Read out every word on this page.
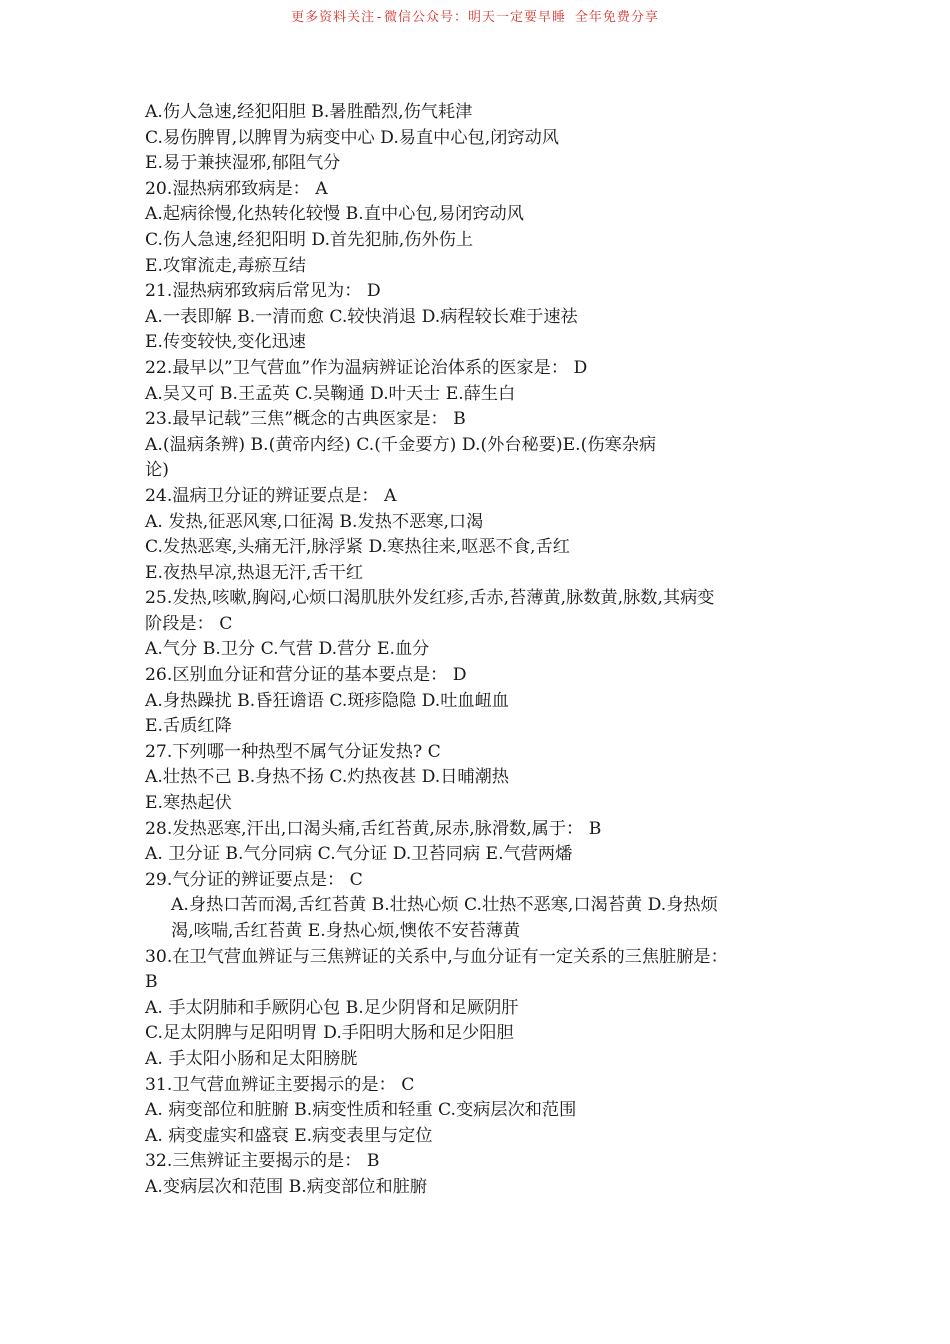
更多资料关注-微信公众号：明天一定要早睡 全年免费分享
A.伤人急速,经犯阳胆 B.暑胜酷烈,伤气耗津
C.易伤脾胃,以脾胃为病变中心 D.易直中心包,闭窍动风
E.易于兼挟湿邪,郁阻气分
20.湿热病邪致病是： A
A.起病徐慢,化热转化较慢 B.直中心包,易闭窍动风
C.伤人急速,经犯阳明 D.首先犯肺,伤外伤上
E.攻窜流走,毒瘀互结
21.湿热病邪致病后常见为： D
A.一表即解 B.一清而愈 C.较快消退 D.病程较长难于速祛
E.传变较快,变化迅速
22.最早以”卫气营血”作为温病辨证论治体系的医家是： D
A.吴又可 B.王孟英 C.吴鞠通 D.叶天士 E.薛生白
23.最早记载”三焦”概念的古典医家是： B
A.(温病条辨) B.(黄帝内经) C.(千金要方) D.(外台秘要)E.(伤寒杂病
论)
24.温病卫分证的辨证要点是： A
A. 发热,征恶风寒,口征渴 B.发热不恶寒,口渴
C.发热恶寒,头痛无汗,脉浮紧 D.寒热往来,呕恶不食,舌红
E.夜热早凉,热退无汗,舌干红
25.发热,咳嗽,胸闷,心烦口渴肌肤外发红疹,舌赤,苔薄黄,脉数黄,脉数,其病变
阶段是： C
A.气分 B.卫分 C.气营 D.营分 E.血分
26.区别血分证和营分证的基本要点是： D
A.身热躁扰 B.昏狂谵语 C.斑疹隐隐 D.吐血衄血
E.舌质红降
27.下列哪一种热型不属气分证发热? C
A.壮热不己 B.身热不扬 C.灼热夜甚 D.日晡潮热
E.寒热起伏
28.发热恶寒,汗出,口渴头痛,舌红苔黄,尿赤,脉滑数,属于： B
A. 卫分证 B.气分同病 C.气分证 D.卫苔同病 E.气营两燔
29.气分证的辨证要点是： C
A.身热口苦而渴,舌红苔黄 B.壮热心烦 C.壮热不恶寒,口渴苔黄 D.身热烦
渴,咳喘,舌红苔黄 E.身热心烦,懊侬不安苔薄黄
30.在卫气营血辨证与三焦辨证的关系中,与血分证有一定关系的三焦脏腑是：
B
A. 手太阴肺和手厥阴心包 B.足少阴肾和足厥阴肝
C.足太阴脾与足阳明胃 D.手阳明大肠和足少阳胆
A. 手太阳小肠和足太阳膀胱
31.卫气营血辨证主要揭示的是： C
A. 病变部位和脏腑 B.病变性质和轻重 C.变病层次和范围
A. 病变虚实和盛衰 E.病变表里与定位
32.三焦辨证主要揭示的是： B
A.变病层次和范围 B.病变部位和脏腑
